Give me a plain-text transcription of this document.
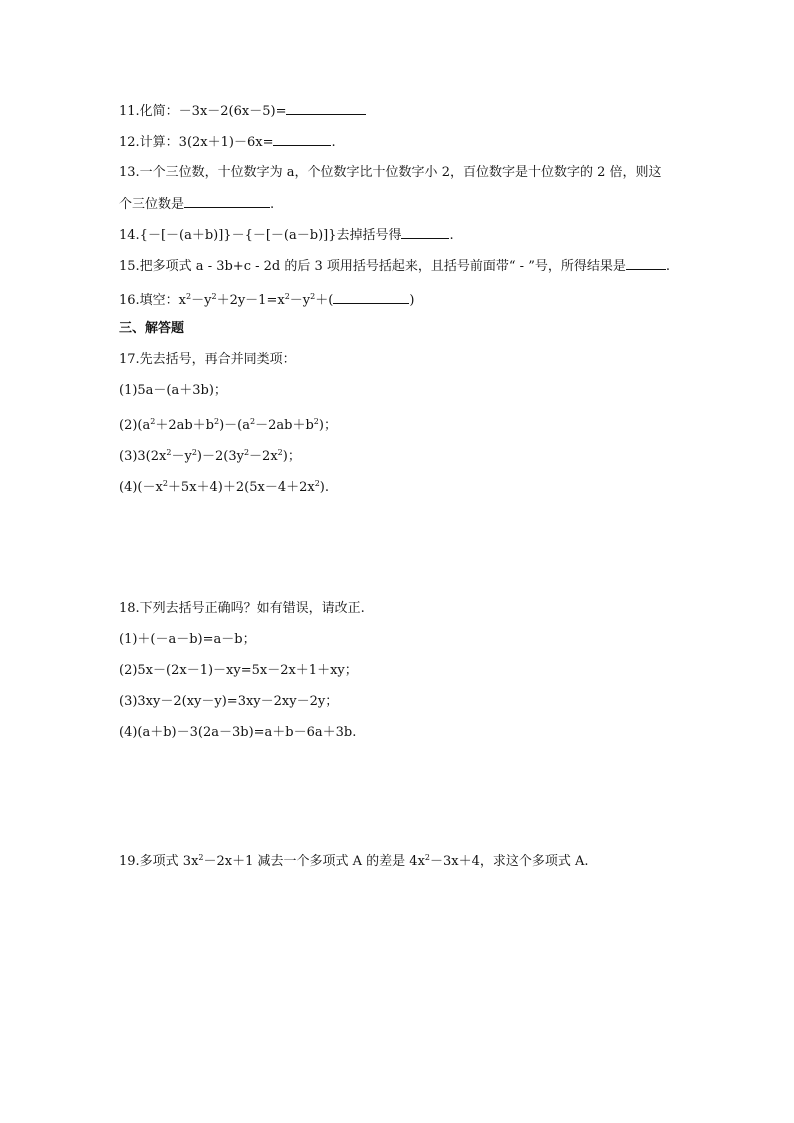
11.化简：－3x－2(6x－5)=
12.计算：3(2x＋1)－6x=	.
13.一个三位数，十位数字为 a，个位数字比十位数字小 2，百位数字是十位数字的 2 倍，则这
个三位数是	.
14.{－[－(a＋b)]}－{－[－(a－b)]}去掉括号得	.
15.把多项式 a - 3b+c - 2d 的后 3 项用括号括起来，且括号前面带“ - ”号，所得结果是	.
16.填空：$x^2-y^2+2y-1=x^2-y^2+$(	)
三、解答题
17.先去括号，再合并同类项：
(1)5a－(a＋3b)；
$(2)(a^2+2ab+b^2)-(a^2-2ab+b^2)$；
$(3)3(2x^2-y^2)-2(3y^2-2x^2)$；
$(4)(-x^2+5x+4)+2(5x-4+2x^2)$.
18.下列去括号正确吗？如有错误，请改正.
(1)＋(－a－b)=a－b；
(2)5x－(2x－1)－xy=5x－2x＋1＋xy；
(3)3xy－2(xy－y)=3xy－2xy－2y；
(4)(a＋b)－3(2a－3b)=a＋b－6a＋3b.
19.多项式 $3x^2-2x+1$ 减去一个多项式 A 的差是 $4x^2-3x+4$，求这个多项式 A.
